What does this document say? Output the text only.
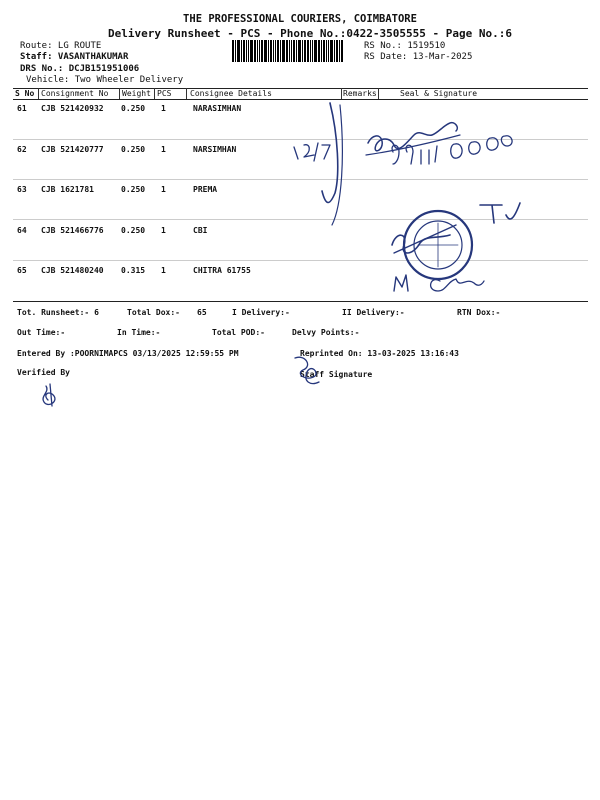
THE PROFESSIONAL COURIERS, COIMBATORE
Delivery Runsheet - PCS - Phone No.:0422-3505555 - Page No.:6
Route: LG ROUTE
Staff: VASANTHAKUMAR
DRS No.: DCJB151951006
Vehicle: Two Wheeler Delivery
RS No.: 1519510
RS Date: 13-Mar-2025
S No Consignment No Weight PCS Consignee Details	Remarks	Seal & Signature
61 CJB 521420932 0.250 1	NARASIMHAN
62 CJB 521420777 0.250 1	NARSIMHAN
63 CJB 1621781	0.250 1	PREMA
64 CJB 521466776 0.250 1	CBI
65 CJB 521480240 0.315 1	CHITRA 61755
Tot. Runsheet:- 6	Total Dox:- 65	I Delivery:-	II Delivery:-	RTN Dox:-
Out Time:-	In Time:-	Total POD:-	Delvy Points:-
Entered By :POORNIMAPCS 03/13/2025 12:59:55 PM	Reprinted On: 13-03-2025 13:16:43
Verified By	Staff Signature
